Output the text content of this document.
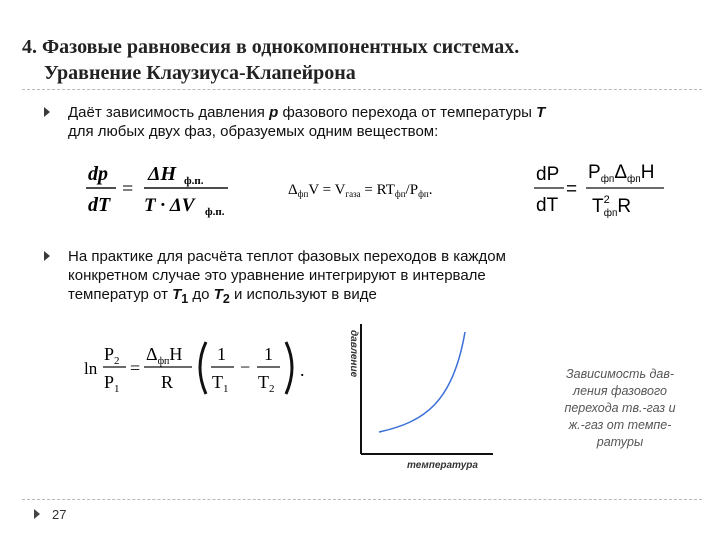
4. Фазовые равновесия в однокомпонентных системах.
Уравнение Клаузиуса-Клапейрона
Даёт зависимость давления p фазового перехода от температуры T
для любых двух фаз, образуемых одним веществом:
dp
dT
=
ΔH ф.п.
T · ΔV ф.п.
$\Delta_{фп}V = V_{газа} = RT_{фп}/P_{фп}$.
dP
dT
=
$P_{фп}\Delta_{фп}H$
$T^2$ фпR
На практике для расчёта теплот фазовых переходов в каждом
конкретном случае это уравнение интегрируют в интервале
температур от $T_1$ до $T_2$ и используют в виде
ln
$P_2$
$P_1$
=
$\Delta_{фп}H$
R
1
$T_1$
−
1
$T_2$
.	давление
температура
Зависимость дав-
ления фазового
перехода тв.-газ и
ж.-газ от темпе-
ратуры
27
